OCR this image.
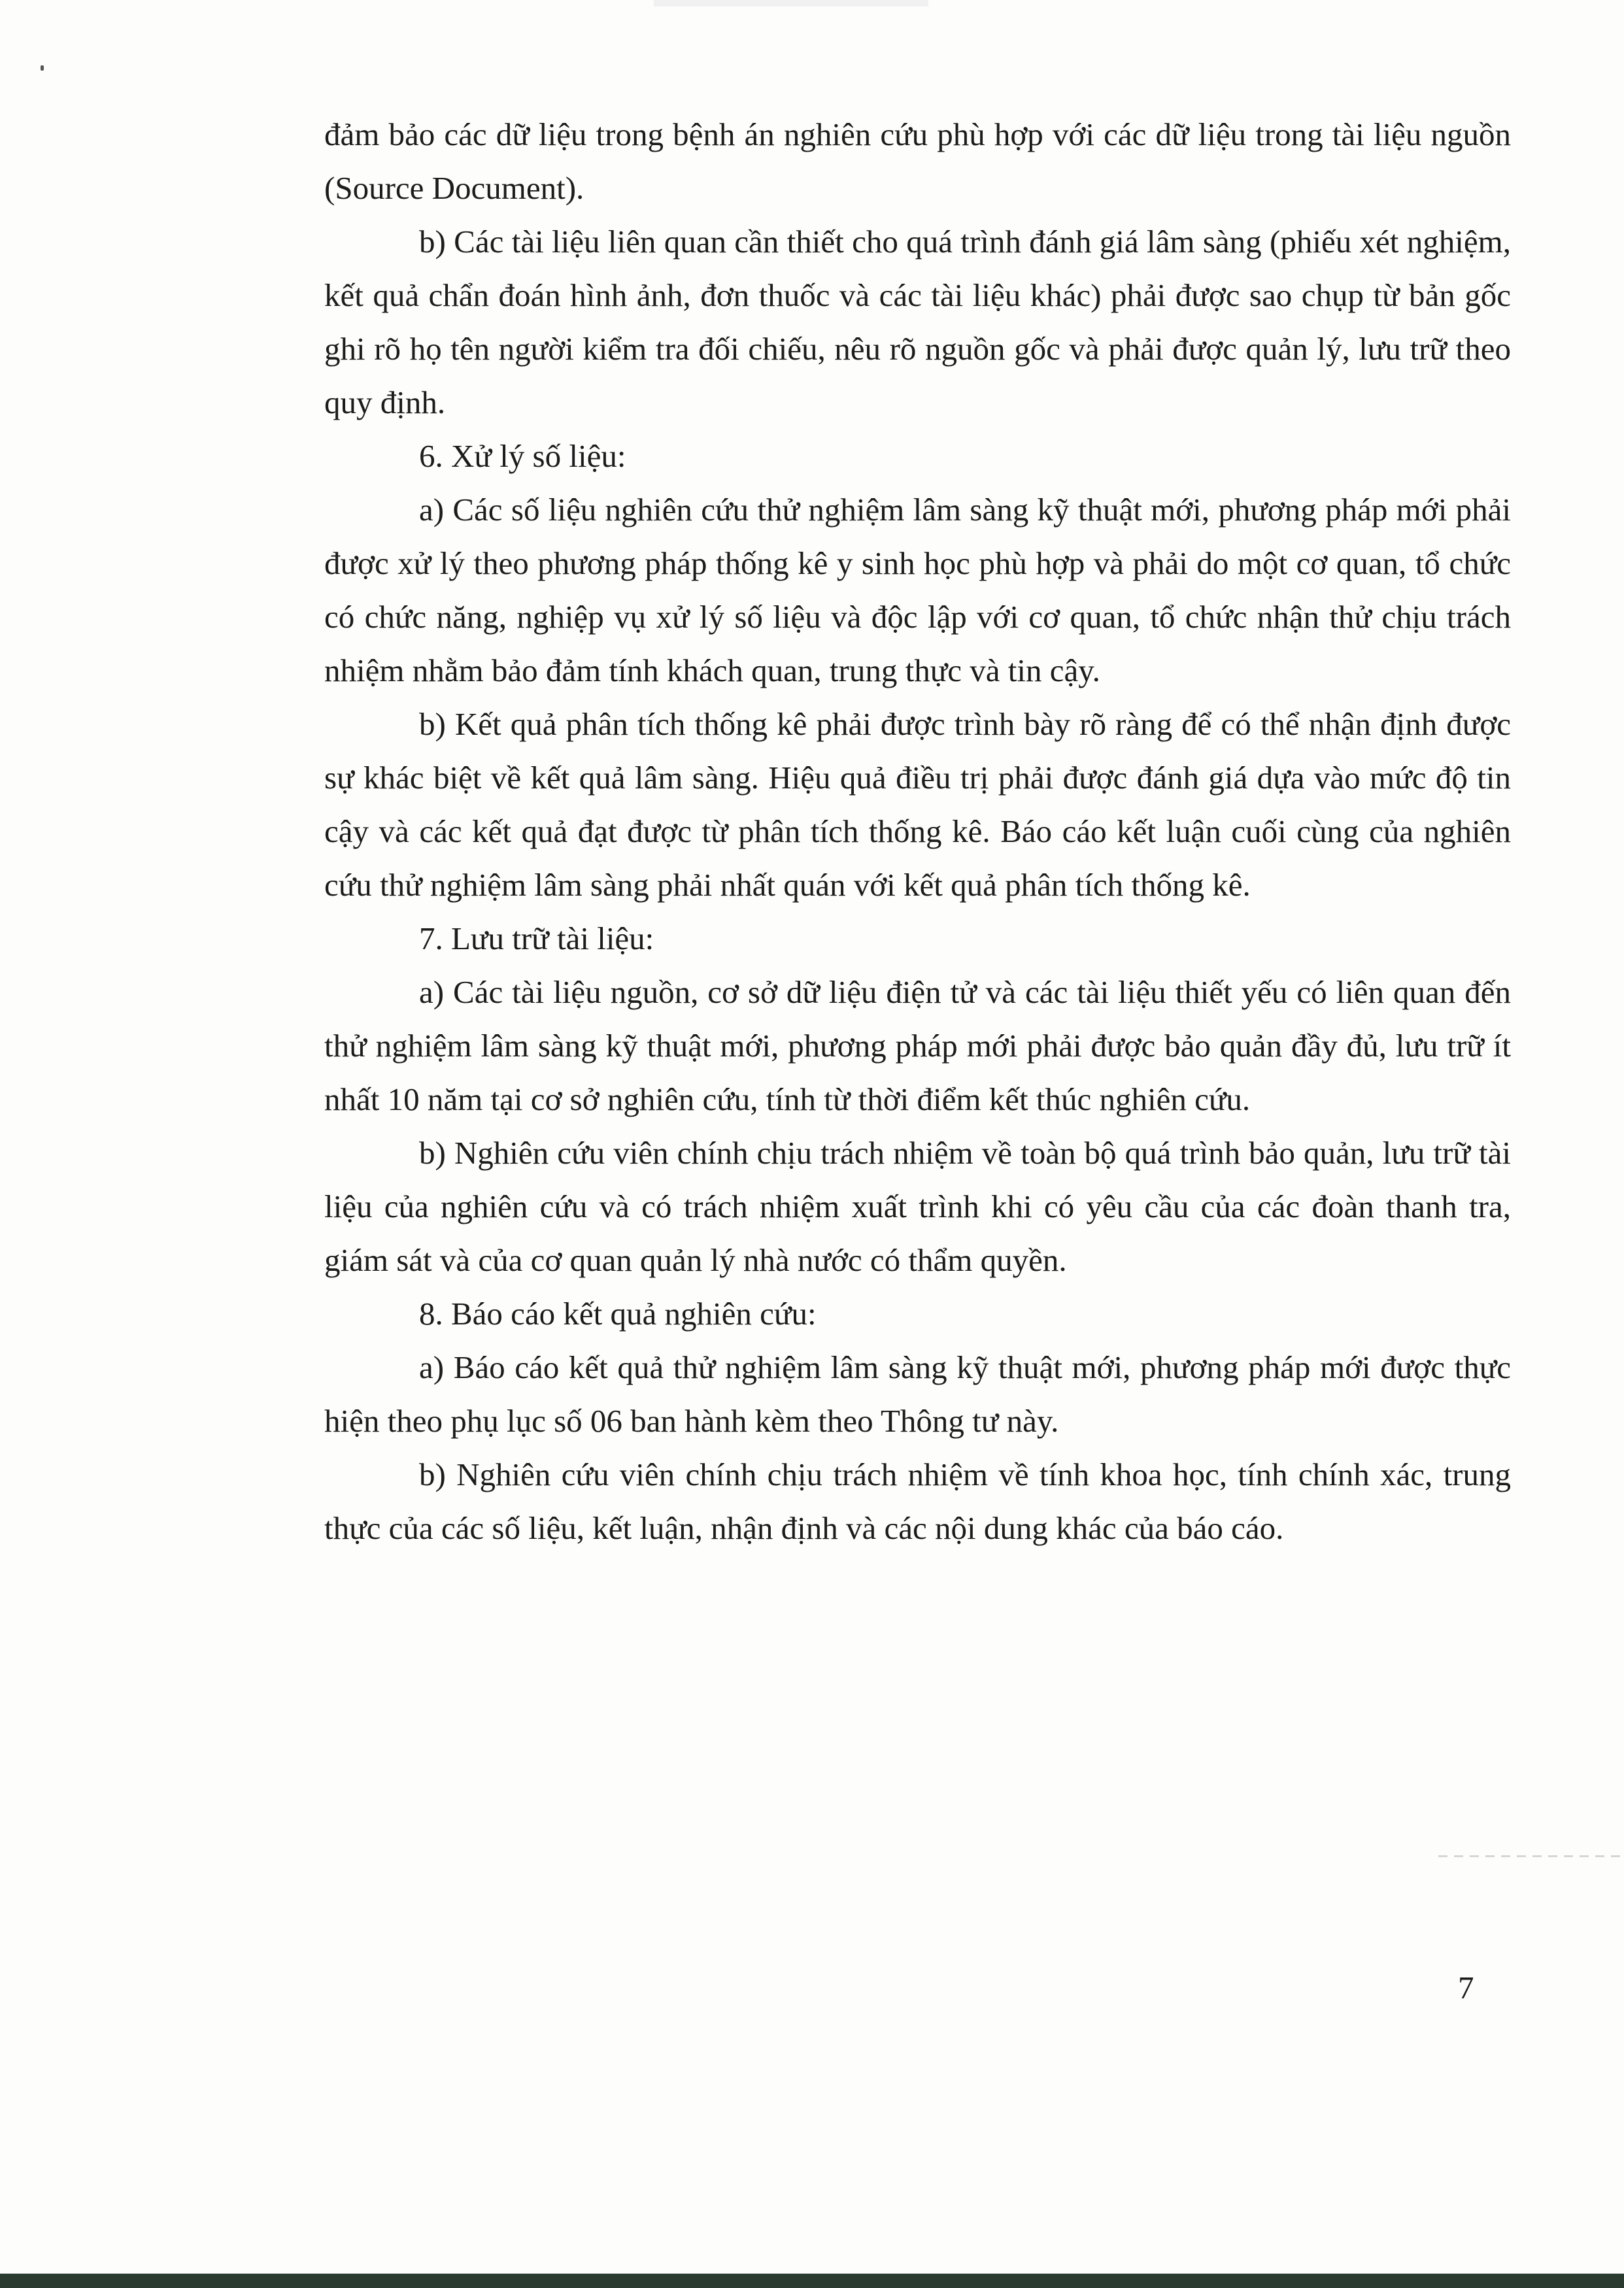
đảm bảo các dữ liệu trong bệnh án nghiên cứu phù hợp với các dữ liệu trong tài liệu nguồn (Source Document).

b) Các tài liệu liên quan cần thiết cho quá trình đánh giá lâm sàng (phiếu xét nghiệm, kết quả chẩn đoán hình ảnh, đơn thuốc và các tài liệu khác) phải được sao chụp từ bản gốc ghi rõ họ tên người kiểm tra đối chiếu, nêu rõ nguồn gốc và phải được quản lý, lưu trữ theo quy định.

6. Xử lý số liệu:

a) Các số liệu nghiên cứu thử nghiệm lâm sàng kỹ thuật mới, phương pháp mới phải được xử lý theo phương pháp thống kê y sinh học phù hợp và phải do một cơ quan, tổ chức có chức năng, nghiệp vụ xử lý số liệu và độc lập với cơ quan, tổ chức nhận thử chịu trách nhiệm nhằm bảo đảm tính khách quan, trung thực và tin cậy.

b) Kết quả phân tích thống kê phải được trình bày rõ ràng để có thể nhận định được sự khác biệt về kết quả lâm sàng. Hiệu quả điều trị phải được đánh giá dựa vào mức độ tin cậy và các kết quả đạt được từ phân tích thống kê. Báo cáo kết luận cuối cùng của nghiên cứu thử nghiệm lâm sàng phải nhất quán với kết quả phân tích thống kê.

7. Lưu trữ tài liệu:

a) Các tài liệu nguồn, cơ sở dữ liệu điện tử và các tài liệu thiết yếu có liên quan đến thử nghiệm lâm sàng kỹ thuật mới, phương pháp mới phải được bảo quản đầy đủ, lưu trữ ít nhất 10 năm tại cơ sở nghiên cứu, tính từ thời điểm kết thúc nghiên cứu.

b) Nghiên cứu viên chính chịu trách nhiệm về toàn bộ quá trình bảo quản, lưu trữ tài liệu của nghiên cứu và có trách nhiệm xuất trình khi có yêu cầu của các đoàn thanh tra, giám sát và của cơ quan quản lý nhà nước có thẩm quyền.

8. Báo cáo kết quả nghiên cứu:

a) Báo cáo kết quả thử nghiệm lâm sàng kỹ thuật mới, phương pháp mới được thực hiện theo phụ lục số 06 ban hành kèm theo Thông tư này.

b) Nghiên cứu viên chính chịu trách nhiệm về tính khoa học, tính chính xác, trung thực của các số liệu, kết luận, nhận định và các nội dung khác của báo cáo.

7
